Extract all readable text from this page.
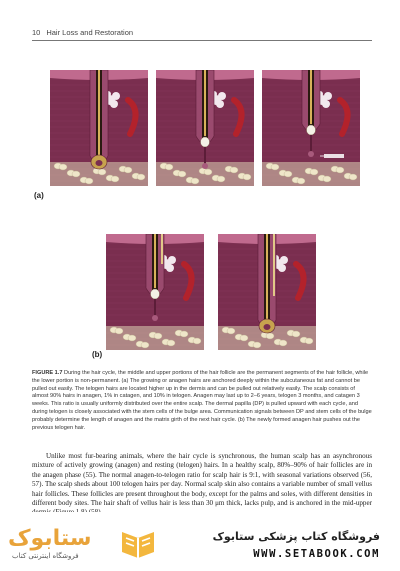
10 Hair Loss and Restoration
(a)
(b)
FIGURE 1.7 During the hair cycle, the middle and upper portions of the hair follicle are the permanent segments of the hair follicle, while the lower portion is non-permanent. (a) The growing or anagen hairs are anchored deeply within the subcutaneous fat and cannot be pulled out easily. The telogen hairs are located higher up in the dermis and can be pulled out relatively easily. The scalp consists of almost 90% hairs in anagen, 1% in catagen, and 10% in telogen. Anagen may last up to 2–6 years, telogen 3 months, and catagen 3 weeks. This ratio is usually uniformly distributed over the entire scalp. The dermal papilla (DP) is pulled upward with each cycle, and during telogen is closely associated with the stem cells of the bulge area. Communication signals between DP and stem cells of the bulge probably determine the length of anagen and the matrix girth of the next hair cycle. (b) The newly formed anagen hair pushes out the previous telogen hair.

Unlike most fur-bearing animals, where the hair cycle is synchronous, the human scalp has an asynchronous mixture of actively growing (anagen) and resting (telogen) hairs. In a healthy scalp, 80%–90% of hair follicles are in the anagen phase (55). The normal anagen-to-telogen ratio for scalp hair is 9:1, with seasonal variations observed (56, 57). The scalp sheds about 100 telogen hairs per day. Normal scalp skin also contains a variable number of small vellus hair follicles. These follicles are present throughout the body, except for the palms and soles, with different densities in different body sites. The hair shaft of vellus hair is less than 30 μm thick, lacks pulp, and is anchored in the mid-upper

ستابوک
فروشگاه اینترنتی کتاب
فروشگاه کتاب پزشکی ستابوک
WWW.SETABOOK.COM
